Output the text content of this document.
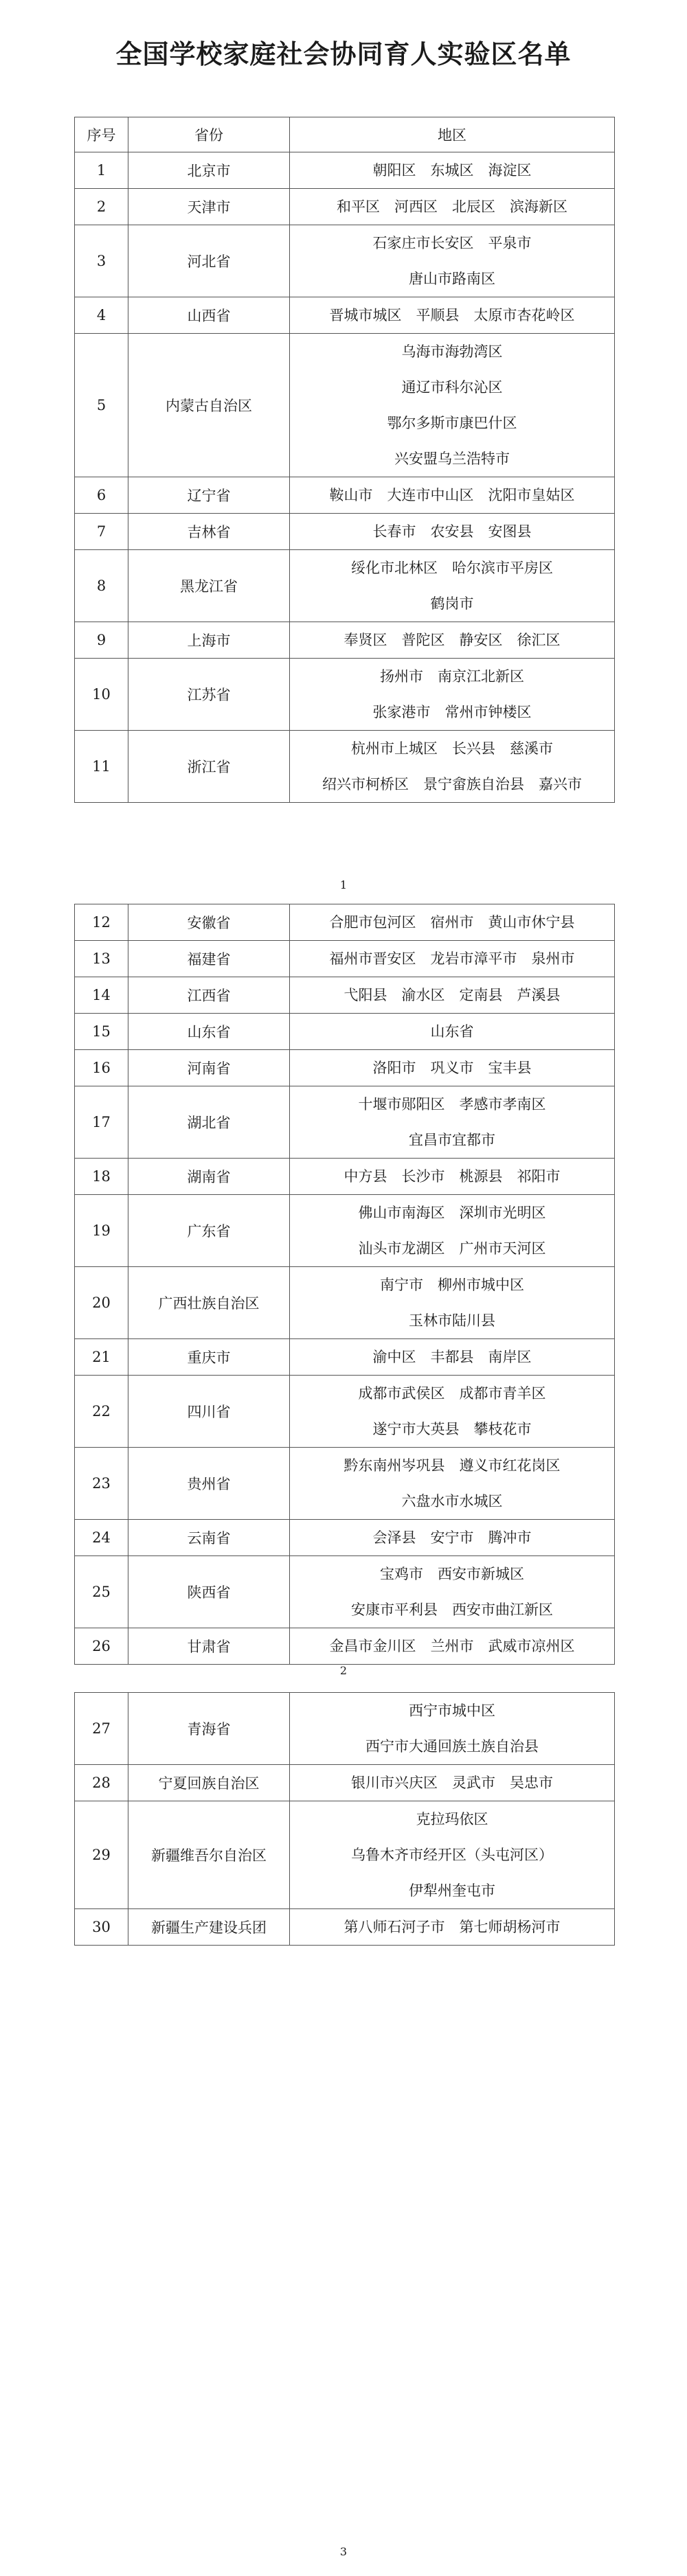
全国学校家庭社会协同育人实验区名单
序号	省份	地区
1	北京市	朝阳区　东城区　海淀区

2	天津市	和平区　河西区　北辰区　滨海新区

3	河北省	石家庄市长安区　平泉市
唐山市路南区

4	山西省	晋城市城区　平顺县　太原市杏花岭区

5	内蒙古自治区	乌海市海勃湾区
通辽市科尔沁区
鄂尔多斯市康巴什区
兴安盟乌兰浩特市

6	辽宁省	鞍山市　大连市中山区　沈阳市皇姑区

7	吉林省	长春市　农安县　安图县

8	黑龙江省	绥化市北林区　哈尔滨市平房区
鹤岗市

9	上海市	奉贤区　普陀区　静安区　徐汇区

10	江苏省	扬州市　南京江北新区
张家港市　常州市钟楼区

11	浙江省	杭州市上城区　长兴县　慈溪市
绍兴市柯桥区　景宁畲族自治县　嘉兴市
1
12	安徽省	合肥市包河区　宿州市　黄山市休宁县

13	福建省	福州市晋安区　龙岩市漳平市　泉州市

14	江西省	弋阳县　渝水区　定南县　芦溪县

15	山东省	山东省

16	河南省	洛阳市　巩义市　宝丰县

17	湖北省	十堰市郧阳区　孝感市孝南区
宜昌市宜都市

18	湖南省	中方县　长沙市　桃源县　祁阳市

19	广东省	佛山市南海区　深圳市光明区
汕头市龙湖区　广州市天河区

20	广西壮族自治区	南宁市　柳州市城中区
玉林市陆川县

21	重庆市	渝中区　丰都县　南岸区

22	四川省	成都市武侯区　成都市青羊区
遂宁市大英县　攀枝花市

23	贵州省	黔东南州岑巩县　遵义市红花岗区
六盘水市水城区

24	云南省	会泽县　安宁市　腾冲市

25	陕西省	宝鸡市　西安市新城区
安康市平利县　西安市曲江新区

26	甘肃省	金昌市金川区　兰州市　武威市凉州区
2
27	青海省	西宁市城中区
西宁市大通回族土族自治县

28	宁夏回族自治区	银川市兴庆区　灵武市　吴忠市

29	新疆维吾尔自治区	克拉玛依区
乌鲁木齐市经开区（头屯河区）
伊犁州奎屯市

30	新疆生产建设兵团	第八师石河子市　第七师胡杨河市
3
